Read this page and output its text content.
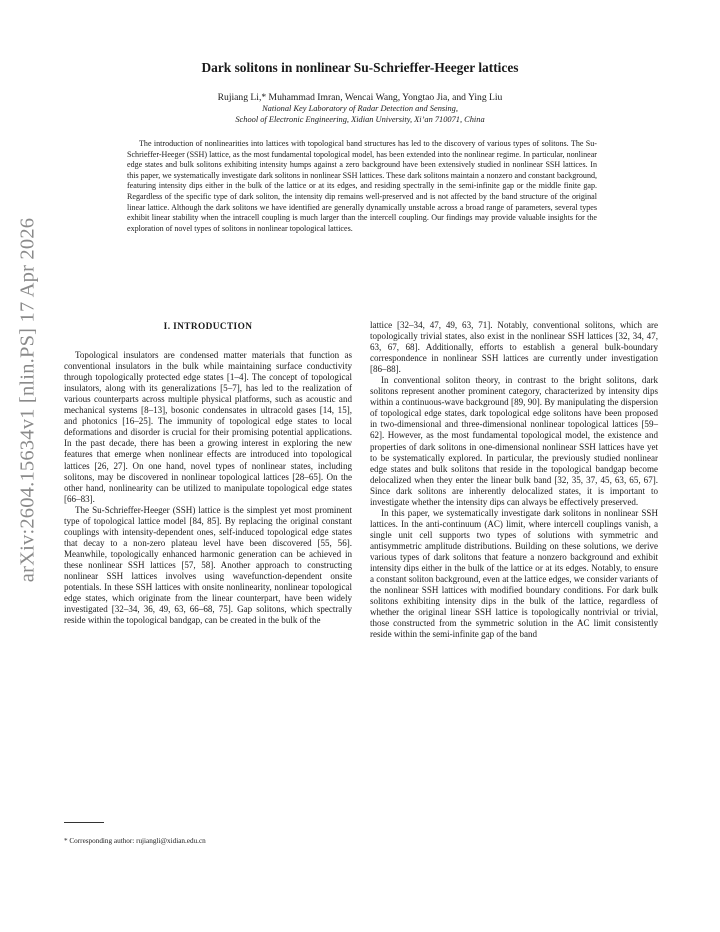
arXiv:2604.15634v1 [nlin.PS] 17 Apr 2026
Dark solitons in nonlinear Su-Schrieffer-Heeger lattices
Rujiang Li,* Muhammad Imran, Wencai Wang, Yongtao Jia, and Ying Liu
National Key Laboratory of Radar Detection and Sensing,
School of Electronic Engineering, Xidian University, Xi’an 710071, China

The introduction of nonlinearities into lattices with topological band structures has led to the discovery of various types of solitons. The Su-Schrieffer-Heeger (SSH) lattice, as the most fundamental topological model, has been extended into the nonlinear regime. In particular, nonlinear edge states and bulk solitons exhibiting intensity humps against a zero background have been extensively studied in nonlinear SSH lattices. In this paper, we systematically investigate dark solitons in nonlinear SSH lattices. These dark solitons maintain a nonzero and constant background, featuring intensity dips either in the bulk of the lattice or at its edges, and residing spectrally in the semi-infinite gap or the middle finite gap. Regardless of the specific type of dark soliton, the intensity dip remains well-preserved and is not affected by the band structure of the original linear lattice. Although the dark solitons we have identified are generally dynamically unstable across a broad range of parameters, several types exhibit linear stability when the intracell coupling is much larger than the intercell coupling. Our findings may provide valuable insights for the exploration of novel types of solitons in nonlinear topological lattices.

I. INTRODUCTION

Topological insulators are condensed matter materials that function as conventional insulators in the bulk while maintaining surface conductivity through topologically protected edge states [1–4]. The concept of topological insulators, along with its generalizations [5–7], has led to the realization of various counterparts across multiple physical platforms, such as acoustic and mechanical systems [8–13], bosonic condensates in ultracold gases [14, 15], and photonics [16–25]. The immunity of topological edge states to local deformations and disorder is crucial for their promising potential applications. In the past decade, there has been a growing interest in exploring the new features that emerge when nonlinear effects are introduced into topological lattices [26, 27]. On one hand, novel types of nonlinear states, including solitons, may be discovered in nonlinear topological lattices [28–65]. On the other hand, nonlinearity can be utilized to manipulate topological edge states [66–83].

The Su-Schrieffer-Heeger (SSH) lattice is the simplest yet most prominent type of topological lattice model [84, 85]. By replacing the original constant couplings with intensity-dependent ones, self-induced topological edge states that decay to a non-zero plateau level have been discovered [55, 56]. Meanwhile, topologically enhanced harmonic generation can be achieved in these nonlinear SSH lattices [57, 58]. Another approach to constructing nonlinear SSH lattices involves using wavefunction-dependent onsite potentials. In these SSH lattices with onsite nonlinearity, nonlinear topological edge states, which originate from the linear counterpart, have been widely investigated [32–34, 36, 49, 63, 66–68, 75]. Gap solitons, which spectrally reside within the topological bandgap, can be created in the bulk of the

lattice [32–34, 47, 49, 63, 71]. Notably, conventional solitons, which are topologically trivial states, also exist in the nonlinear SSH lattices [32, 34, 47, 63, 67, 68]. Additionally, efforts to establish a general bulk-boundary correspondence in nonlinear SSH lattices are currently under investigation [86–88].

In conventional soliton theory, in contrast to the bright solitons, dark solitons represent another prominent category, characterized by intensity dips within a continuous-wave background [89, 90]. By manipulating the dispersion of topological edge states, dark topological edge solitons have been proposed in two-dimensional and three-dimensional nonlinear topological lattices [59–62]. However, as the most fundamental topological model, the existence and properties of dark solitons in one-dimensional nonlinear SSH lattices have yet to be systematically explored. In particular, the previously studied nonlinear edge states and bulk solitons that reside in the topological bandgap become delocalized when they enter the linear bulk band [32, 35, 37, 45, 63, 65, 67]. Since dark solitons are inherently delocalized states, it is important to investigate whether the intensity dips can always be effectively preserved.

In this paper, we systematically investigate dark solitons in nonlinear SSH lattices. In the anti-continuum (AC) limit, where intercell couplings vanish, a single unit cell supports two types of solutions with symmetric and antisymmetric amplitude distributions. Building on these solutions, we derive various types of dark solitons that feature a nonzero background and exhibit intensity dips either in the bulk of the lattice or at its edges. Notably, to ensure a constant soliton background, even at the lattice edges, we consider variants of the nonlinear SSH lattices with modified boundary conditions. For dark bulk solitons exhibiting intensity dips in the bulk of the lattice, regardless of whether the original linear SSH lattice is topologically nontrivial or trivial, those constructed from the symmetric solution in the AC limit consistently reside within the semi-infinite gap of the band

* Corresponding author: rujiangli@xidian.edu.cn
